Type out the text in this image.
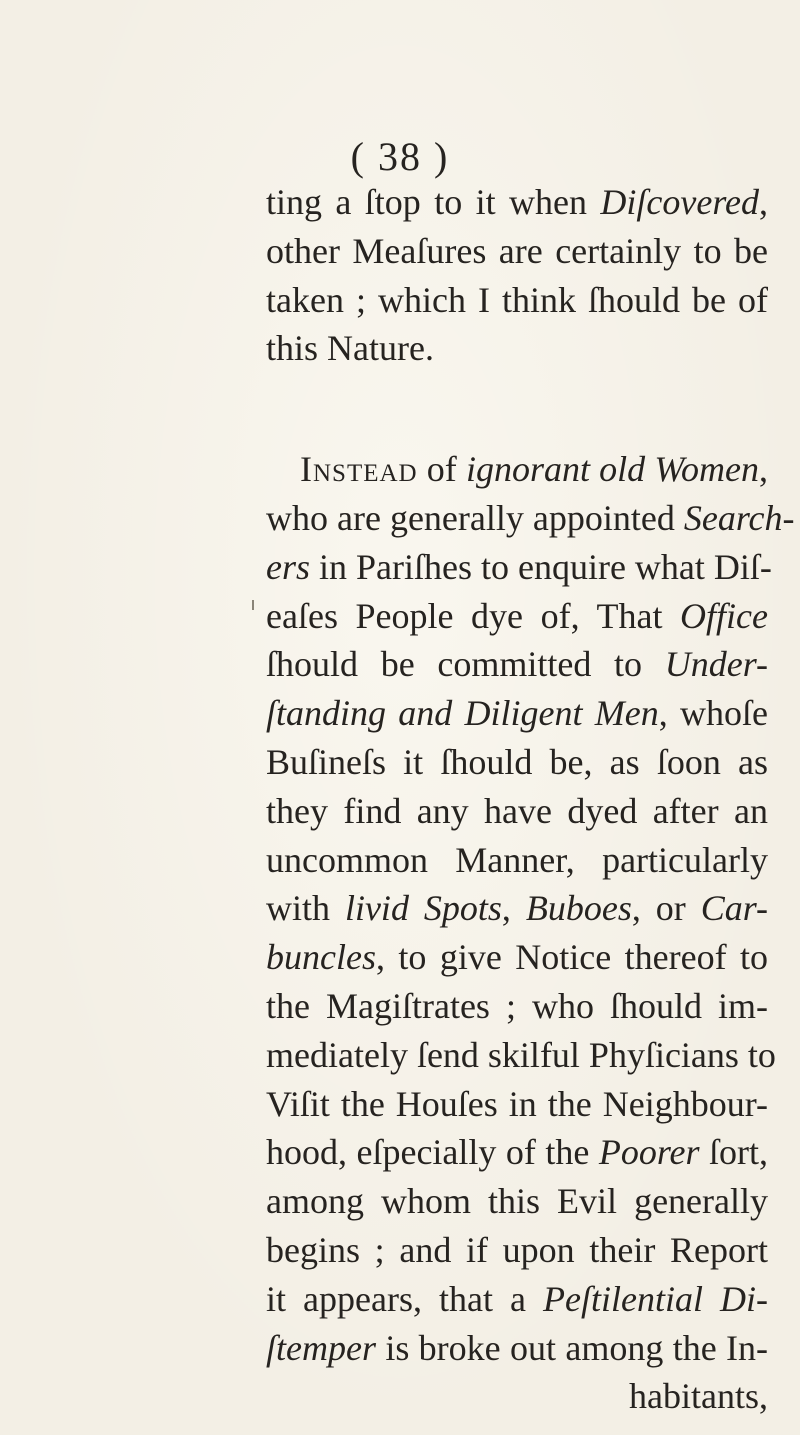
( 38 )
ting a ſtop to it when Diſcovered,
other Meaſures are certainly to be
taken ; which I think ſhould be of
this Nature.
Instead of ignorant old Women,
who are generally appointed Search-
ers in Pariſhes to enquire what Diſ-
eaſes People dye of, That Office
ſhould be committed to Under-
ſtanding and Diligent Men, whoſe
Buſineſs it ſhould be, as ſoon as
they find any have dyed after an
uncommon Manner, particularly
with livid Spots, Buboes, or Car-
buncles, to give Notice thereof to
the Magiſtrates ; who ſhould im-
mediately ſend skilful Phyſicians to
Viſit the Houſes in the Neighbour-
hood, eſpecially of the Poorer ſort,
among whom this Evil generally
begins ; and if upon their Report
it appears, that a Peſtilential Di-
ſtemper is broke out among the In-
habitants,
